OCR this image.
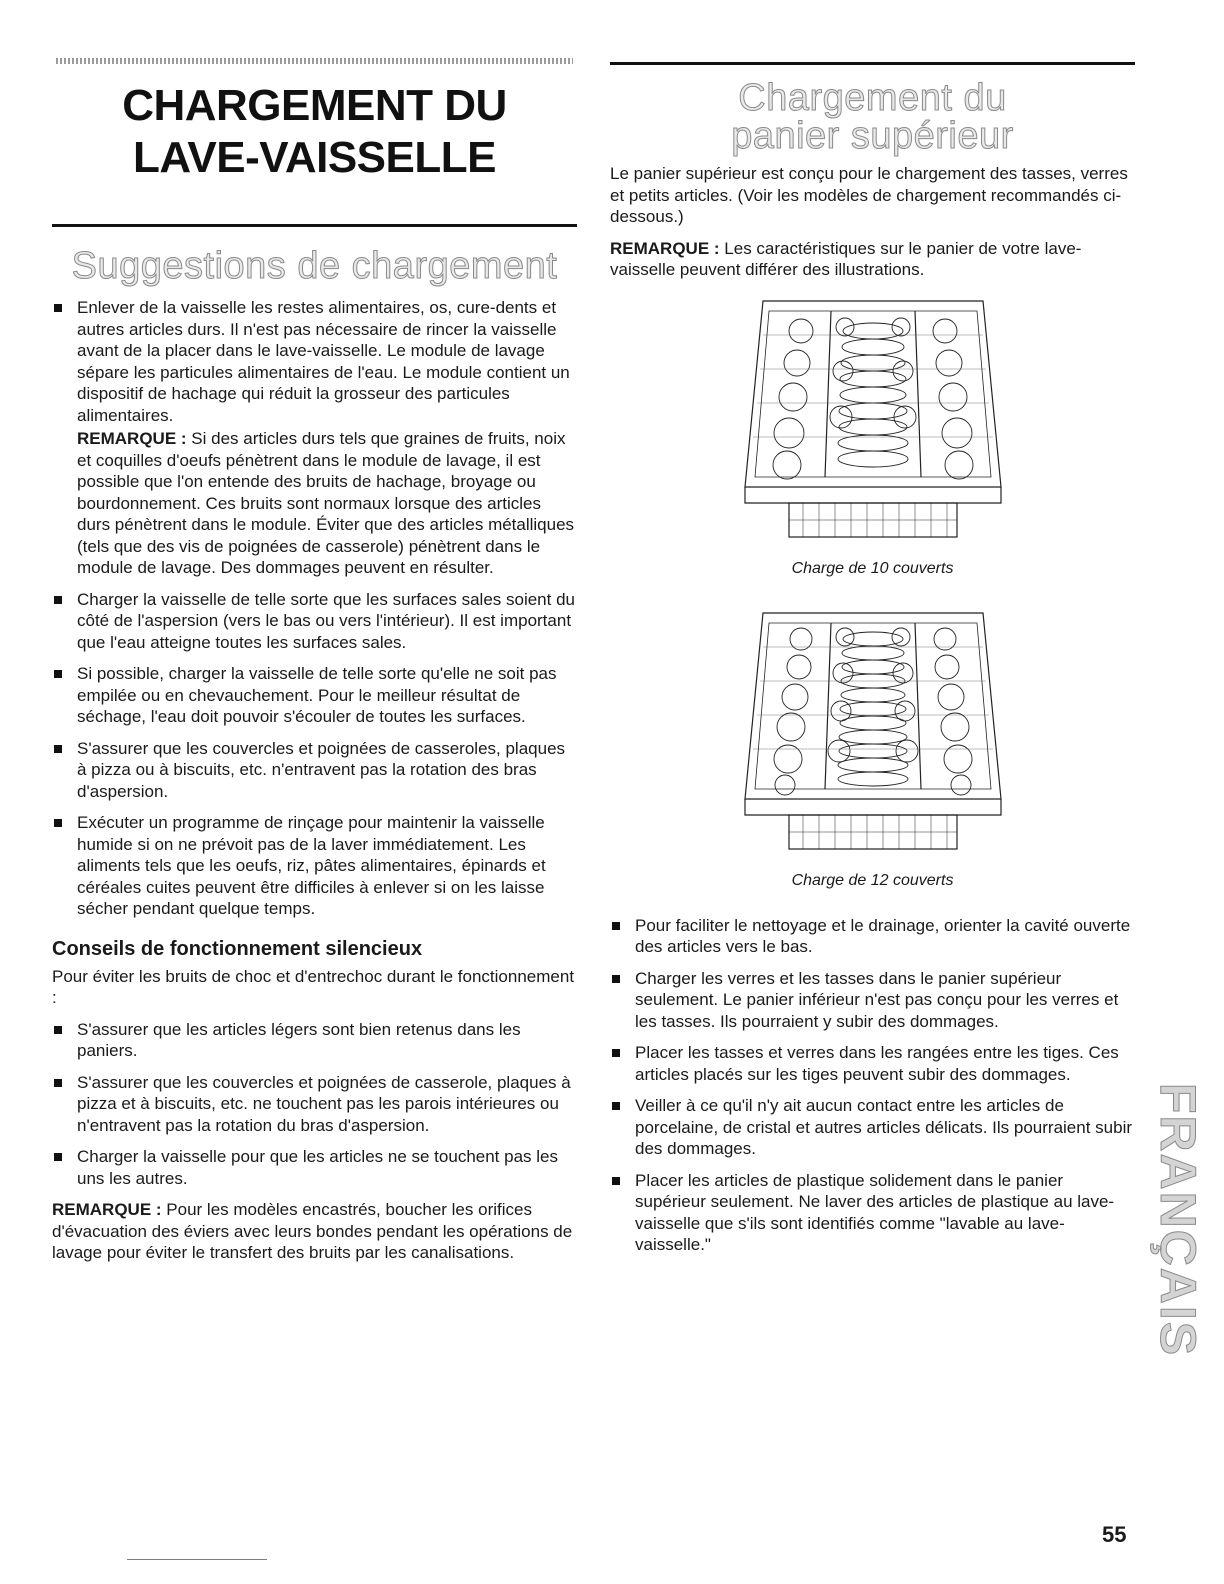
CHARGEMENT DU
LAVE-VAISSELLE
Suggestions de chargement

Enlever de la vaisselle les restes alimentaires, os, cure-dents et autres articles durs. Il n'est pas nécessaire de rincer la vaisselle avant de la placer dans le lave-vaisselle. Le module de lavage sépare les particules alimentaires de l'eau. Le module contient un dispositif de hachage qui réduit la grosseur des particules alimentaires.

REMARQUE : Si des articles durs tels que graines de fruits, noix et coquilles d'oeufs pénètrent dans le module de lavage, il est possible que l'on entende des bruits de hachage, broyage ou bourdonnement. Ces bruits sont normaux lorsque des articles durs pénètrent dans le module. Éviter que des articles métalliques (tels que des vis de poignées de casserole) pénètrent dans le module de lavage. Des dommages peuvent en résulter.

Charger la vaisselle de telle sorte que les surfaces sales soient du côté de l'aspersion (vers le bas ou vers l'intérieur). Il est important que l'eau atteigne toutes les surfaces sales.
Si possible, charger la vaisselle de telle sorte qu'elle ne soit pas empilée ou en chevauchement. Pour le meilleur résultat de séchage, l'eau doit pouvoir s'écouler de toutes les surfaces.
S'assurer que les couvercles et poignées de casseroles, plaques à pizza ou à biscuits, etc. n'entravent pas la rotation des bras d'aspersion.
Exécuter un programme de rinçage pour maintenir la vaisselle humide si on ne prévoit pas de la laver immédiatement. Les aliments tels que les oeufs, riz, pâtes alimentaires, épinards et céréales cuites peuvent être difficiles à enlever si on les laisse sécher pendant quelque temps.
Conseils de fonctionnement silencieux

Pour éviter les bruits de choc et d'entrechoc durant le fonctionnement :

S'assurer que les articles légers sont bien retenus dans les paniers.
S'assurer que les couvercles et poignées de casserole, plaques à pizza et à biscuits, etc. ne touchent pas les parois intérieures ou n'entravent pas la rotation du bras d'aspersion.
Charger la vaisselle pour que les articles ne se touchent pas les uns les autres.

REMARQUE : Pour les modèles encastrés, boucher les orifices d'évacuation des éviers avec leurs bondes pendant les opérations de lavage pour éviter le transfert des bruits par les canalisations.

Chargement du
panier supérieur

Le panier supérieur est conçu pour le chargement des tasses, verres et petits articles. (Voir les modèles de chargement recommandés ci-dessous.)

REMARQUE : Les caractéristiques sur le panier de votre lave-vaisselle peuvent différer des illustrations.

Charge de 10 couverts

Charge de 12 couverts

Pour faciliter le nettoyage et le drainage, orienter la cavité ouverte des articles vers le bas.
Charger les verres et les tasses dans le panier supérieur seulement. Le panier inférieur n'est pas conçu pour les verres et les tasses. Ils pourraient y subir des dommages.
Placer les tasses et verres dans les rangées entre les tiges. Ces articles placés sur les tiges peuvent subir des dommages.
Veiller à ce qu'il n'y ait aucun contact entre les articles de porcelaine, de cristal et autres articles délicats. Ils pourraient subir des dommages.
Placer les articles de plastique solidement dans le panier supérieur seulement. Ne laver des articles de plastique au lave-vaisselle que s'ils sont identifiés comme "lavable au lave-vaisselle."	FRANÇAIS
55
